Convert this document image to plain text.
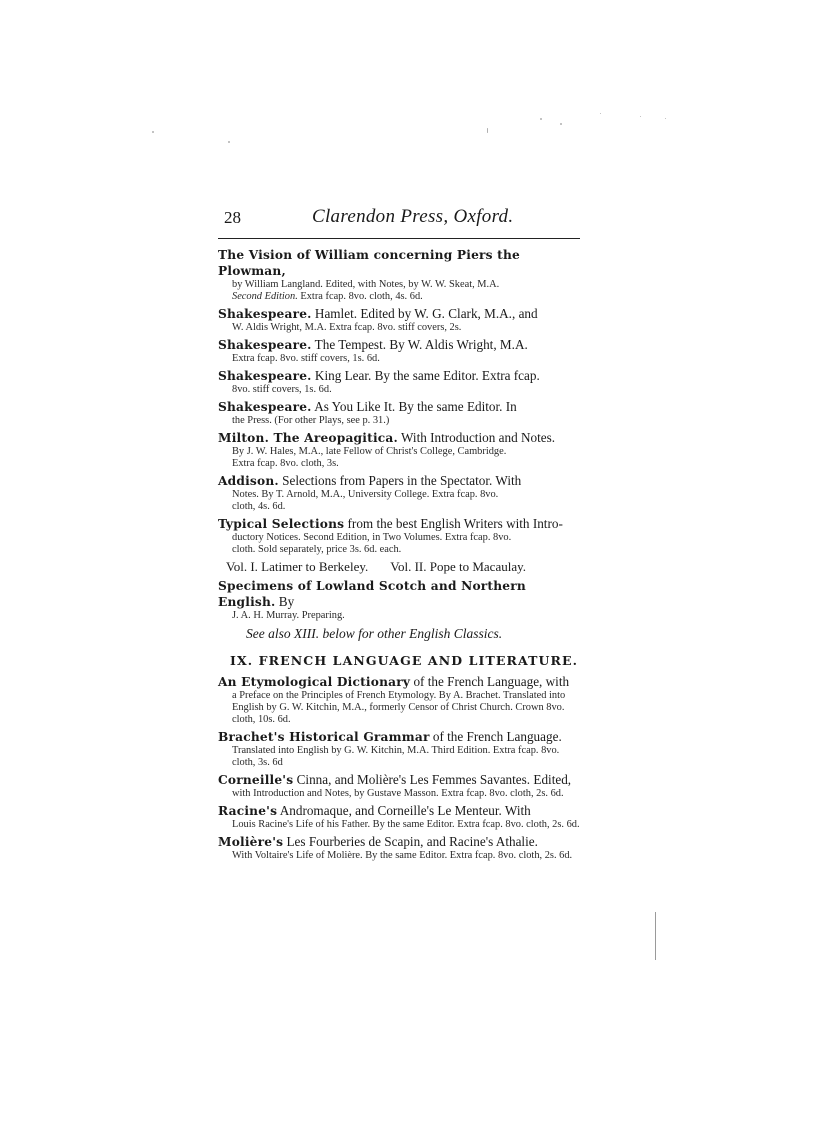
28	Clarendon Press, Oxford.
The Vision of William concerning Piers the Plowman,
by William Langland. Edited, with Notes, by W. W. Skeat, M.A.
Second Edition. Extra fcap. 8vo. cloth, 4s. 6d.
Shakespeare. Hamlet. Edited by W. G. Clark, M.A., and
W. Aldis Wright, M.A. Extra fcap. 8vo. stiff covers, 2s.
Shakespeare. The Tempest. By W. Aldis Wright, M.A.
Extra fcap. 8vo. stiff covers, 1s. 6d.
Shakespeare. King Lear. By the same Editor. Extra fcap.
8vo. stiff covers, 1s. 6d.
Shakespeare. As You Like It. By the same Editor. In
the Press. (For other Plays, see p. 31.)
Milton. The Areopagitica. With Introduction and Notes.
By J. W. Hales, M.A., late Fellow of Christ's College, Cambridge.
Extra fcap. 8vo. cloth, 3s.
Addison. Selections from Papers in the Spectator. With
Notes. By T. Arnold, M.A., University College. Extra fcap. 8vo.
cloth, 4s. 6d.
Typical Selections from the best English Writers with Intro-
ductory Notices. Second Edition, in Two Volumes. Extra fcap. 8vo.
cloth. Sold separately, price 3s. 6d. each.
Vol. I. Latimer to Berkeley. Vol. II. Pope to Macaulay.
Specimens of Lowland Scotch and Northern English. By
J. A. H. Murray. Preparing.
See also XIII. below for other English Classics.
IX. FRENCH LANGUAGE AND LITERATURE.
An Etymological Dictionary of the French Language, with
a Preface on the Principles of French Etymology. By A. Brachet. Translated into English by G. W. Kitchin, M.A., formerly Censor of Christ Church. Crown 8vo. cloth, 10s. 6d.
Brachet's Historical Grammar of the French Language.
Translated into English by G. W. Kitchin, M.A. Third Edition. Extra fcap. 8vo. cloth, 3s. 6d
Corneille's Cinna, and Molière's Les Femmes Savantes. Edited,
with Introduction and Notes, by Gustave Masson. Extra fcap. 8vo. cloth, 2s. 6d.
Racine's Andromaque, and Corneille's Le Menteur. With
Louis Racine's Life of his Father. By the same Editor. Extra fcap. 8vo. cloth, 2s. 6d.
Molière's Les Fourberies de Scapin, and Racine's Athalie.
With Voltaire's Life of Molière. By the same Editor. Extra fcap. 8vo. cloth, 2s. 6d.
